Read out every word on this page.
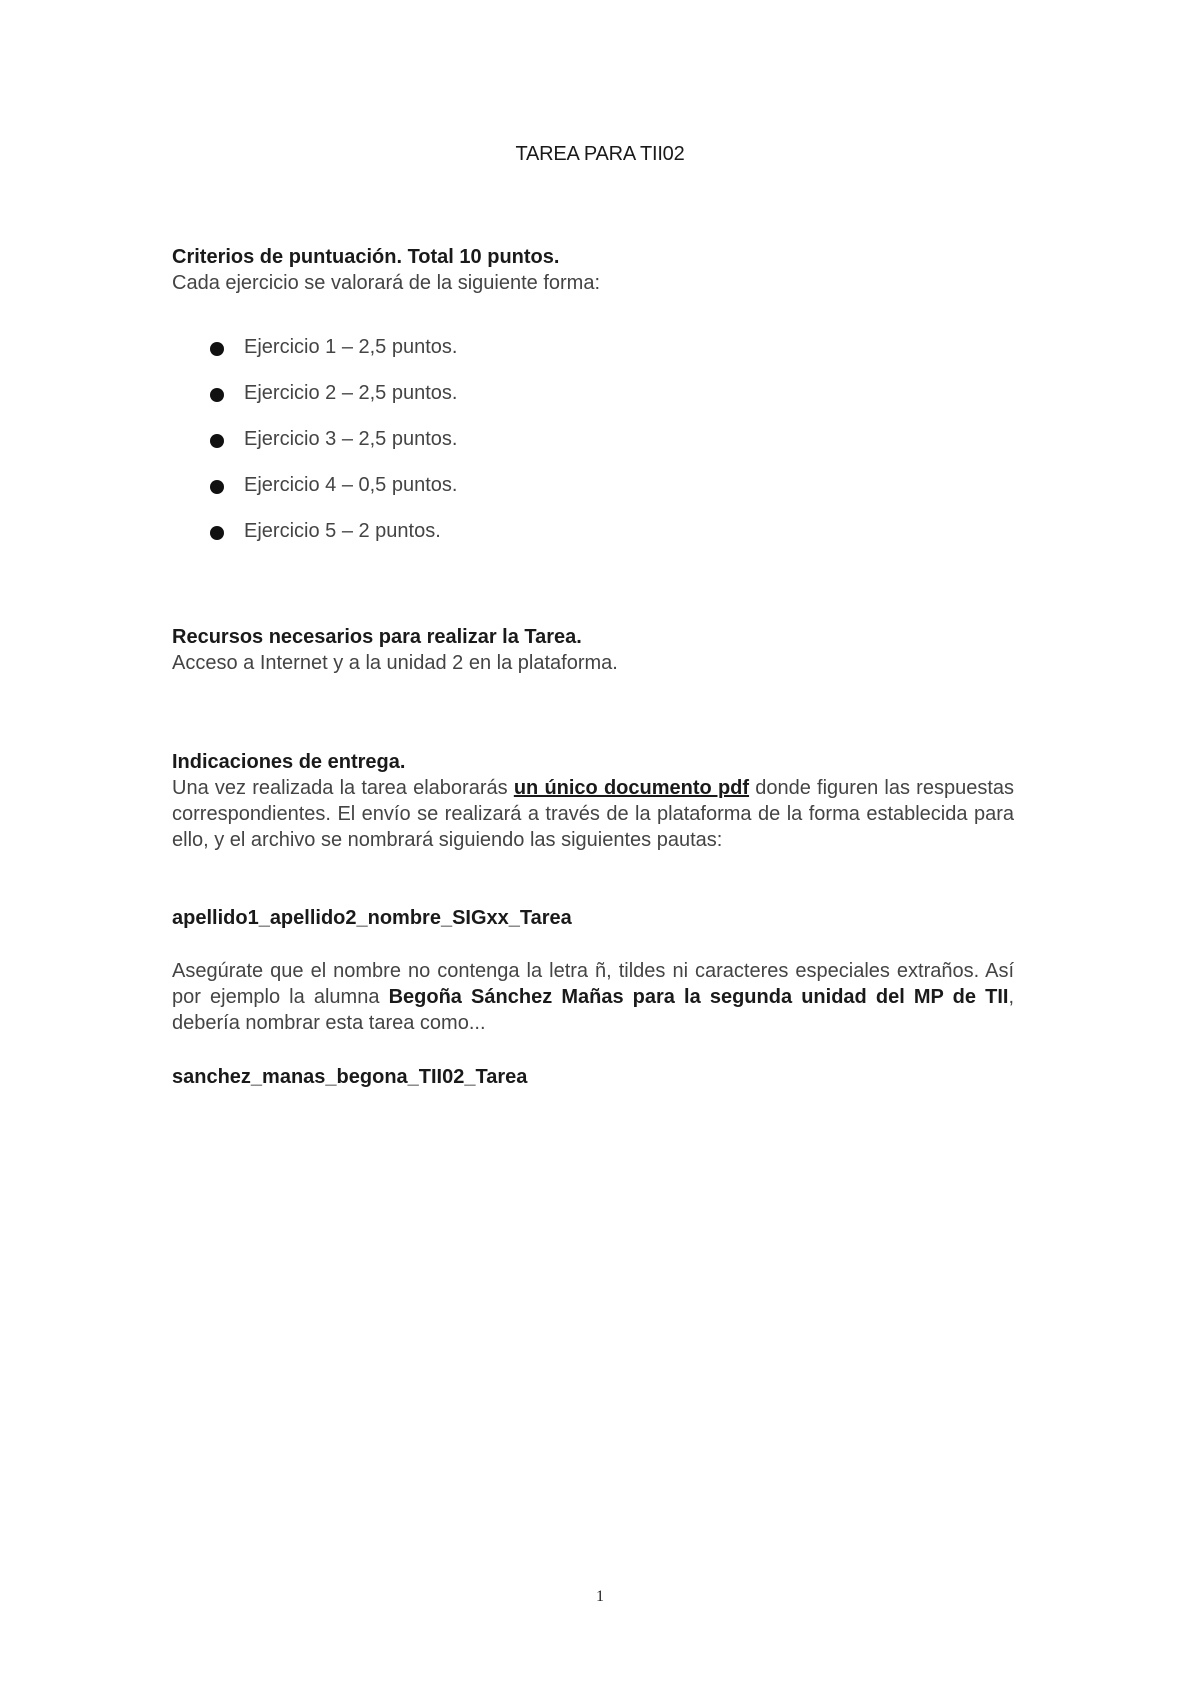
TAREA PARA TII02
Criterios de puntuación. Total 10 puntos.
Cada ejercicio se valorará de la siguiente forma:
Ejercicio 1 – 2,5 puntos.
Ejercicio 2 – 2,5 puntos.
Ejercicio 3 – 2,5 puntos.
Ejercicio 4 – 0,5 puntos.
Ejercicio 5 – 2 puntos.
Recursos necesarios para realizar la Tarea.
Acceso a Internet y a la unidad 2 en la plataforma.
Indicaciones de entrega.
Una vez realizada la tarea elaborarás un único documento pdf donde figuren las respuestas correspondientes. El envío se realizará a través de la plataforma de la forma establecida para ello, y el archivo se nombrará siguiendo las siguientes pautas:
apellido1_apellido2_nombre_SIGxx_Tarea
Asegúrate que el nombre no contenga la letra ñ, tildes ni caracteres especiales extraños. Así por ejemplo la alumna Begoña Sánchez Mañas para la segunda unidad del MP de TII, debería nombrar esta tarea como...
sanchez_manas_begona_TII02_Tarea
1
